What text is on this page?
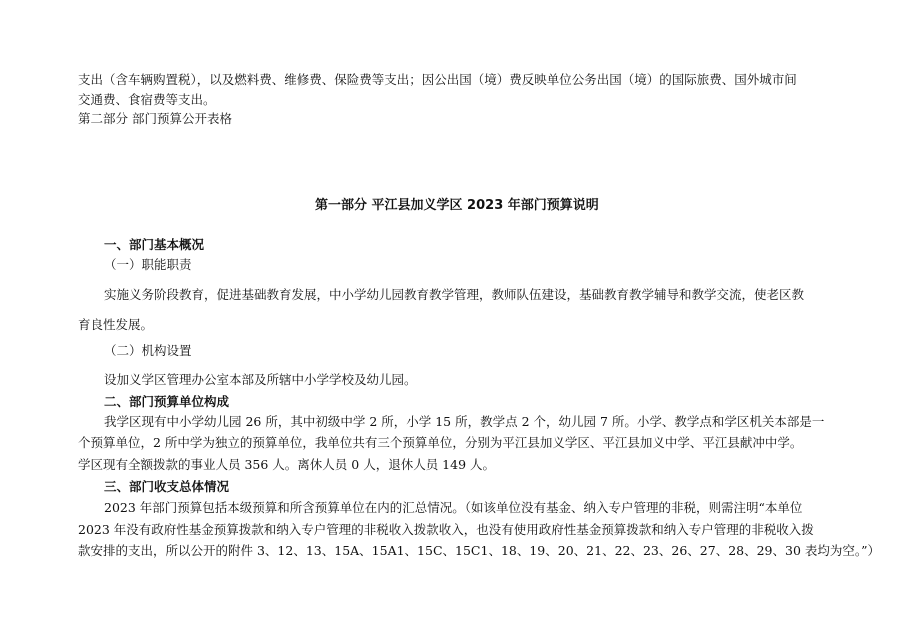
支出（含车辆购置税），以及燃料费、维修费、保险费等支出；因公出国（境）费反映单位公务出国（境）的国际旅费、国外城市间
交通费、食宿费等支出。
第二部分 部门预算公开表格
第一部分 平江县加义学区 2023 年部门预算说明
一、部门基本概况
（一）职能职责
实施义务阶段教育，促进基础教育发展，中小学幼儿园教育教学管理，教师队伍建设，基础教育教学辅导和教学交流，使老区教
育良性发展。
（二）机构设置
设加义学区管理办公室本部及所辖中小学学校及幼儿园。
二、部门预算单位构成
我学区现有中小学幼儿园 26 所，其中初级中学 2 所，小学 15 所，教学点 2 个，幼儿园 7 所。小学、教学点和学区机关本部是一
个预算单位，2 所中学为独立的预算单位，我单位共有三个预算单位，分别为平江县加义学区、平江县加义中学、平江县献冲中学。
学区现有全额拨款的事业人员 356 人。离休人员 0 人，退休人员 149 人。
三、部门收支总体情况
2023 年部门预算包括本级预算和所含预算单位在内的汇总情况。（如该单位没有基金、纳入专户管理的非税，则需注明“本单位
2023 年没有政府性基金预算拨款和纳入专户管理的非税收入拨款收入，也没有使用政府性基金预算拨款和纳入专户管理的非税收入拨
款安排的支出，所以公开的附件 3、12、13、15A、15A1、15C、15C1、18、19、20、21、22、23、26、27、28、29、30 表均为空。”）
